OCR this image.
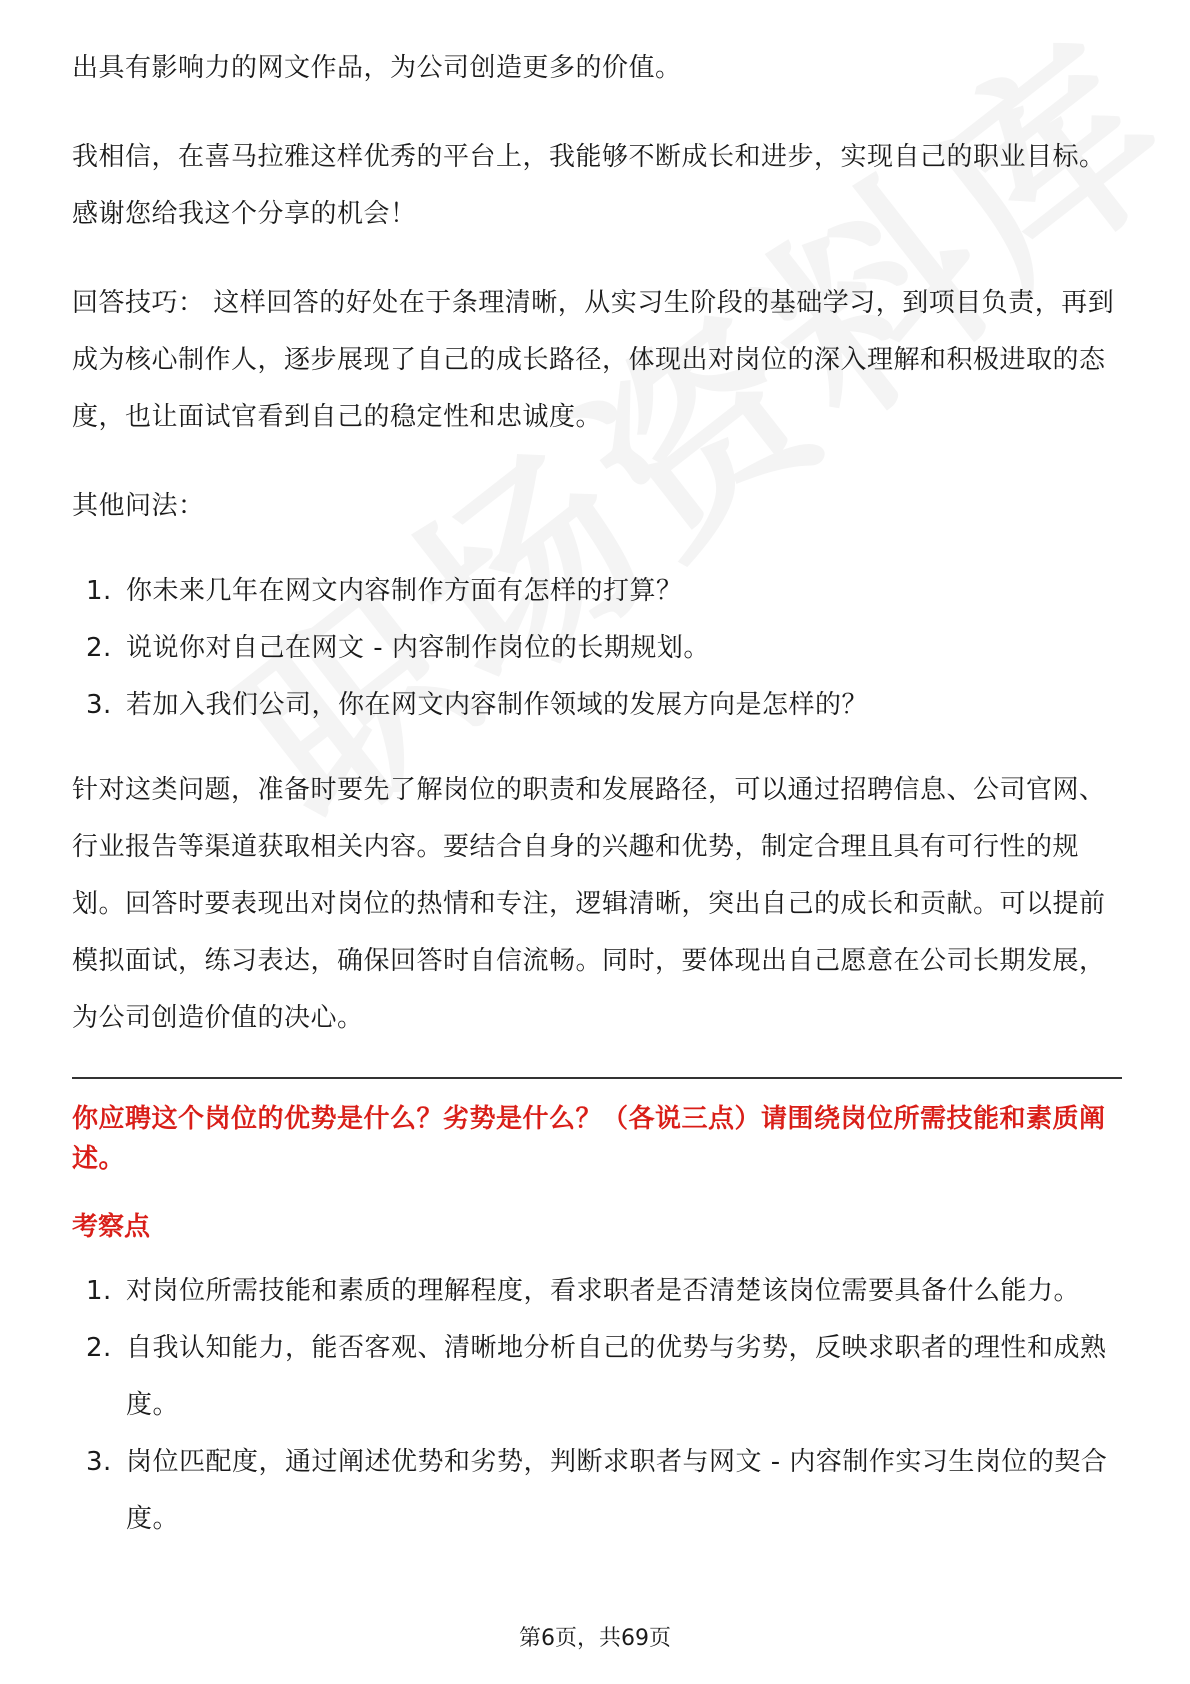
出具有影响力的网文作品，为公司创造更多的价值。

我相信，在喜马拉雅这样优秀的平台上，我能够不断成长和进步，实现自己的职业目标。感谢您给我这个分享的机会！

回答技巧： 这样回答的好处在于条理清晰，从实习生阶段的基础学习，到项目负责，再到成为核心制作人，逐步展现了自己的成长路径，体现出对岗位的深入理解和积极进取的态度，也让面试官看到自己的稳定性和忠诚度。

其他问法：

1. 你未来几年在网文内容制作方面有怎样的打算？
2. 说说你对自己在网文 - 内容制作岗位的长期规划。
3. 若加入我们公司，你在网文内容制作领域的发展方向是怎样的？

针对这类问题，准备时要先了解岗位的职责和发展路径，可以通过招聘信息、公司官网、行业报告等渠道获取相关内容。要结合自身的兴趣和优势，制定合理且具有可行性的规划。回答时要表现出对岗位的热情和专注，逻辑清晰，突出自己的成长和贡献。可以提前模拟面试，练习表达，确保回答时自信流畅。同时，要体现出自己愿意在公司长期发展，为公司创造价值的决心。

你应聘这个岗位的优势是什么？劣势是什么？（各说三点）请围绕岗位所需技能和素质阐述。

考察点

1. 对岗位所需技能和素质的理解程度，看求职者是否清楚该岗位需要具备什么能力。
2. 自我认知能力，能否客观、清晰地分析自己的优势与劣势，反映求职者的理性和成熟度。
3. 岗位匹配度，通过阐述优势和劣势，判断求职者与网文 - 内容制作实习生岗位的契合度。
第6页，共69页
